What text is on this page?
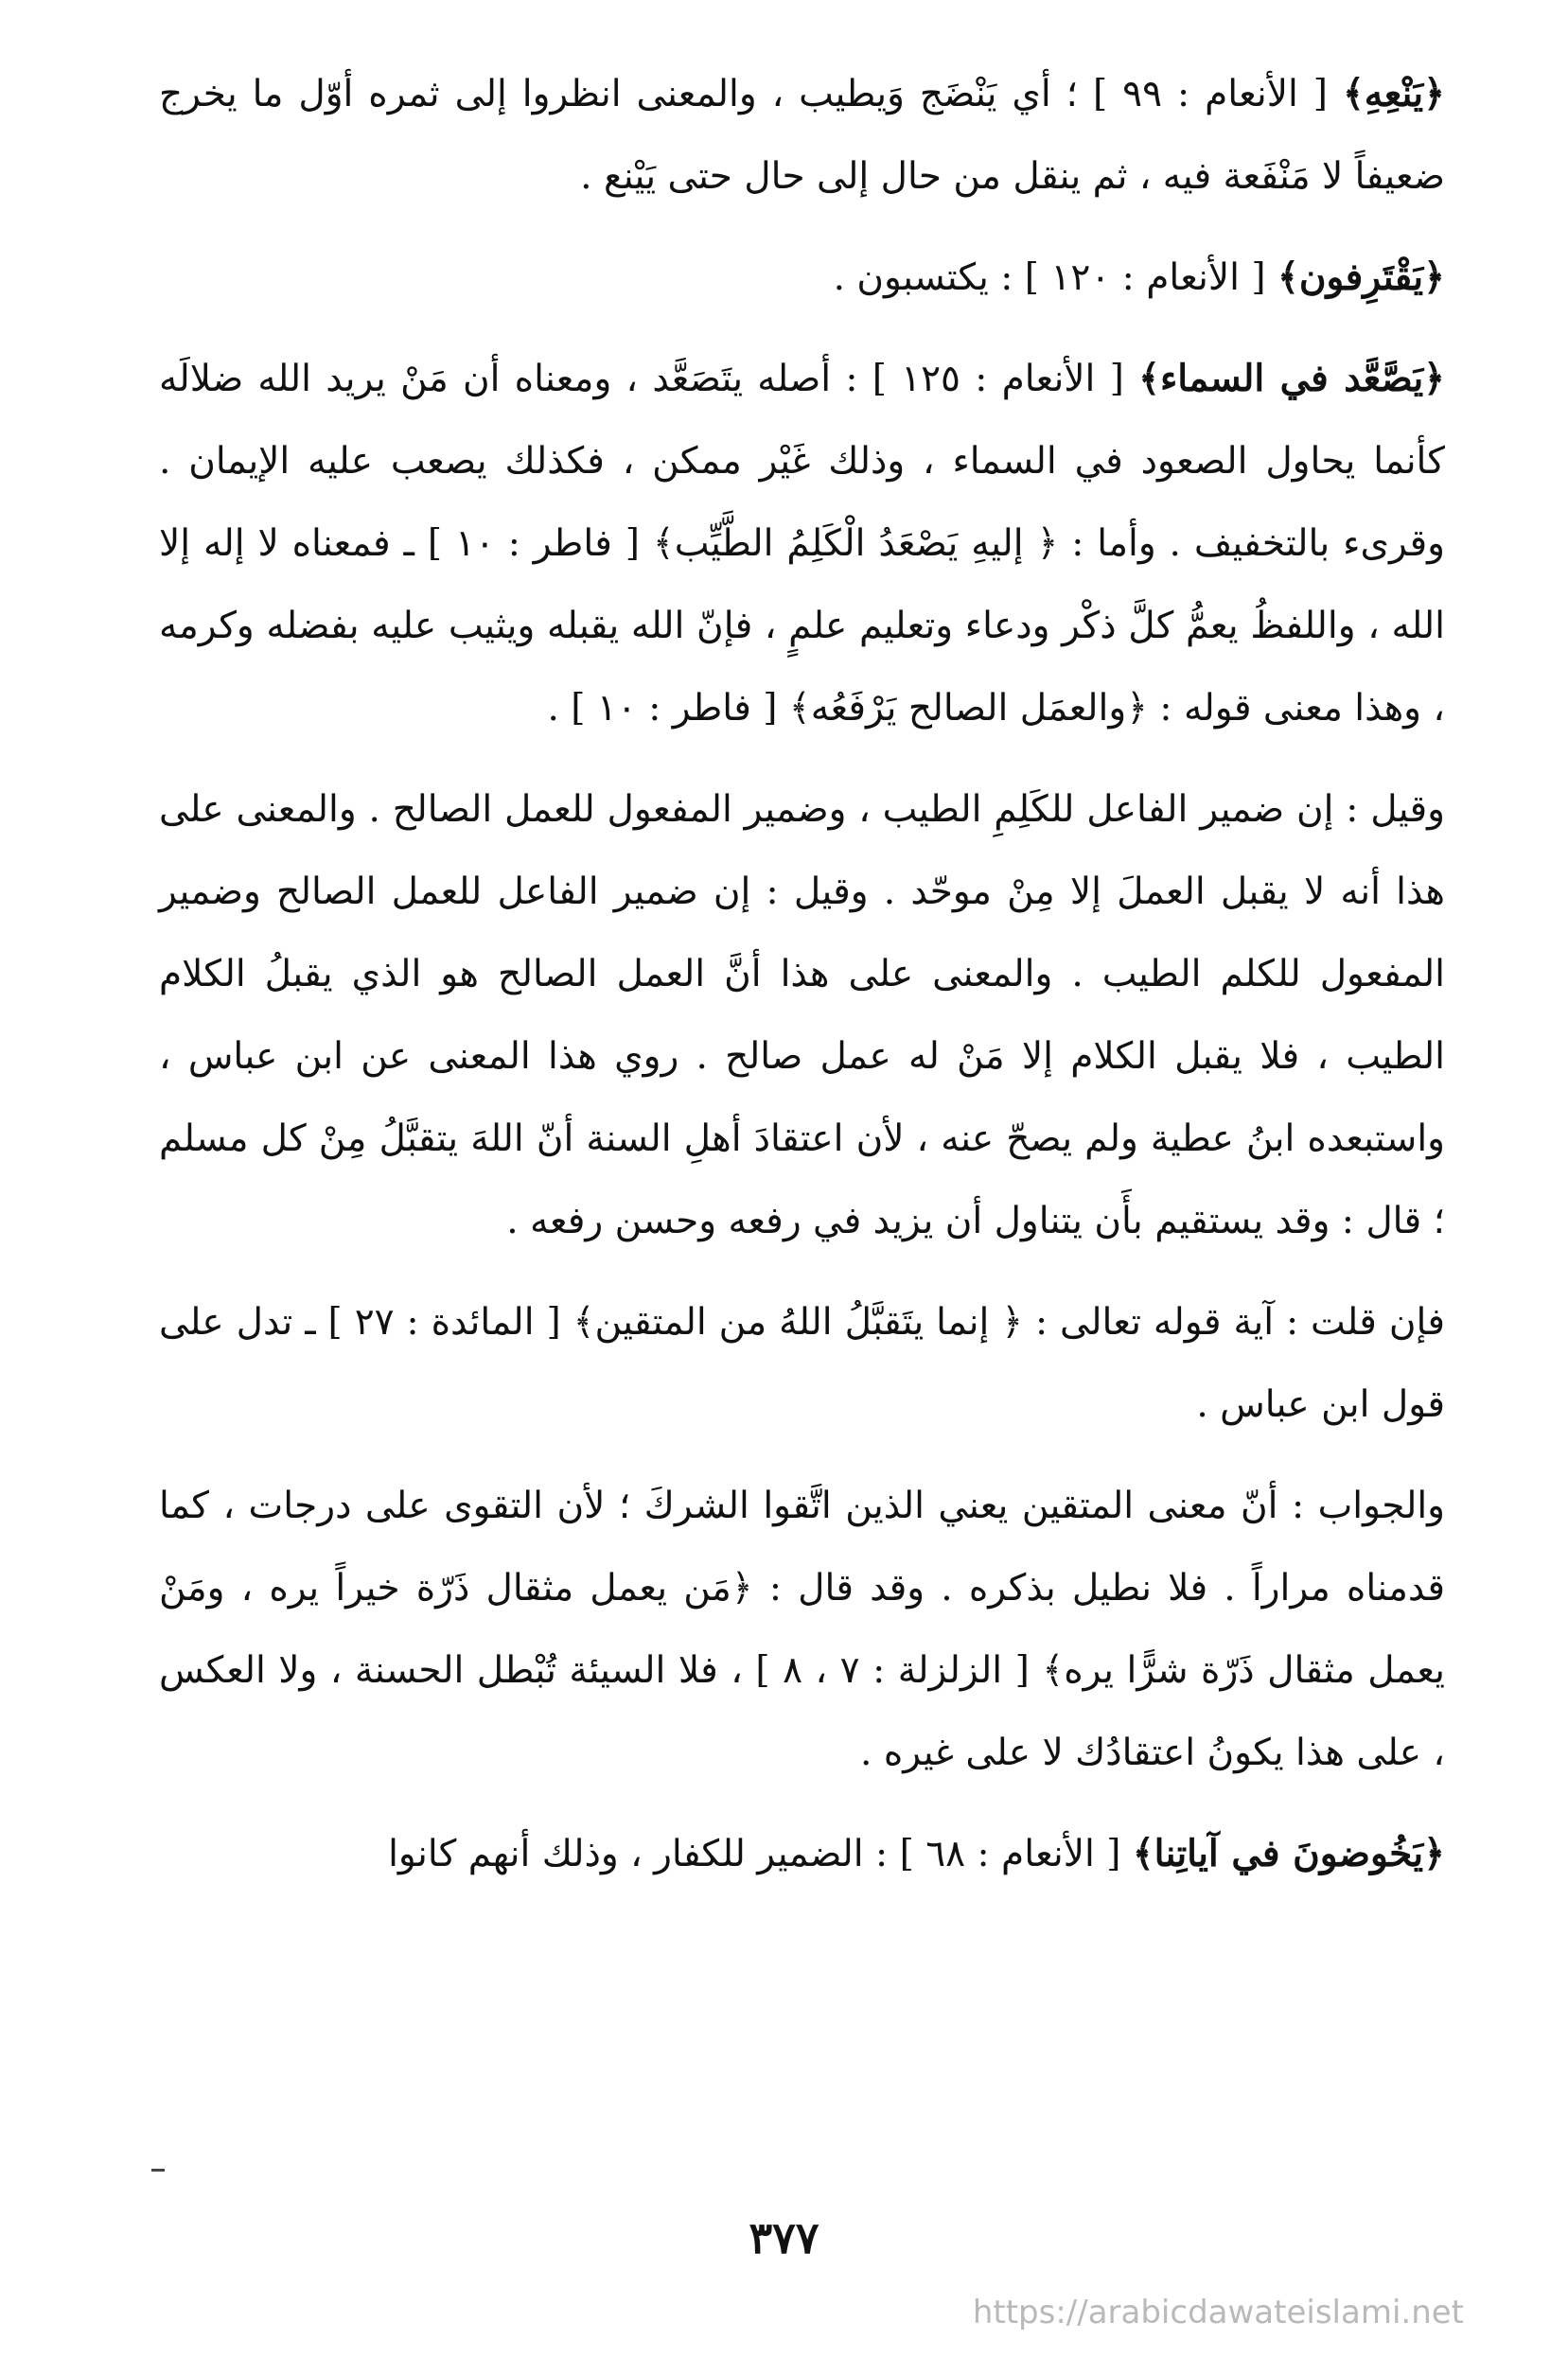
﴿يَنْعِهِ﴾ [ الأنعام : ٩٩ ] ؛ أي يَنْضَج وَيطيب ، والمعنى انظروا إلى ثمره أوّل ما يخرج ضعيفاً لا مَنْفَعة فيه ، ثم ينقل من حال إلى حال حتى يَيْنع .

﴿يَقْتَرِفون﴾ [ الأنعام : ١٢٠ ] : يكتسبون .

﴿يَصَّعَّد في السماء﴾ [ الأنعام : ١٢٥ ] : أصله يتَصَعَّد ، ومعناه أن مَنْ يريد الله ضلالَه كأنما يحاول الصعود في السماء ، وذلك غَيْر ممكن ، فكذلك يصعب عليه الإيمان . وقرىء بالتخفيف . وأما : ﴿ إليهِ يَصْعَدُ الْكَلِمُ الطَّيِّب﴾ [ فاطر : ١٠ ] ـ فمعناه لا إله إلا الله ، واللفظُ يعمُّ كلَّ ذكْر ودعاء وتعليم علمٍ ، فإنّ الله يقبله ويثيب عليه بفضله وكرمه ، وهذا معنى قوله : ﴿والعمَل الصالح يَرْفَعُه﴾ [ فاطر : ١٠ ] .

وقيل : إن ضمير الفاعل للكَلِمِ الطيب ، وضمير المفعول للعمل الصالح . والمعنى على هذا أنه لا يقبل العملَ إلا مِنْ موحّد . وقيل : إن ضمير الفاعل للعمل الصالح وضمير المفعول للكلم الطيب . والمعنى على هذا أنَّ العمل الصالح هو الذي يقبلُ الكلام الطيب ، فلا يقبل الكلام إلا مَنْ له عمل صالح . روي هذا المعنى عن ابن عباس ، واستبعده ابنُ عطية ولم يصحّ عنه ، لأن اعتقادَ أهلِ السنة أنّ اللهَ يتقبَّلُ مِنْ كل مسلم ؛ قال : وقد يستقيم بأَن يتناول أن يزيد في رفعه وحسن رفعه .

فإن قلت : آية قوله تعالى : ﴿ إنما يتَقبَّلُ اللهُ من المتقين﴾ [ المائدة : ٢٧ ] ـ تدل على قول ابن عباس .

والجواب : أنّ معنى المتقين يعني الذين اتَّقوا الشركَ ؛ لأن التقوى على درجات ، كما قدمناه مراراً . فلا نطيل بذكره . وقد قال : ﴿مَن يعمل مثقال ذَرّة خيراً يره ، ومَنْ يعمل مثقال ذَرّة شرًّا يره﴾ [ الزلزلة : ٧ ، ٨ ] ، فلا السيئة تُبْطل الحسنة ، ولا العكس ، على هذا يكونُ اعتقادُك لا على غيره .

﴿يَخُوضونَ في آياتِنا﴾ [ الأنعام : ٦٨ ] : الضمير للكفار ، وذلك أنهم كانوا

٣٧٧
https://arabicdawateislami.net
